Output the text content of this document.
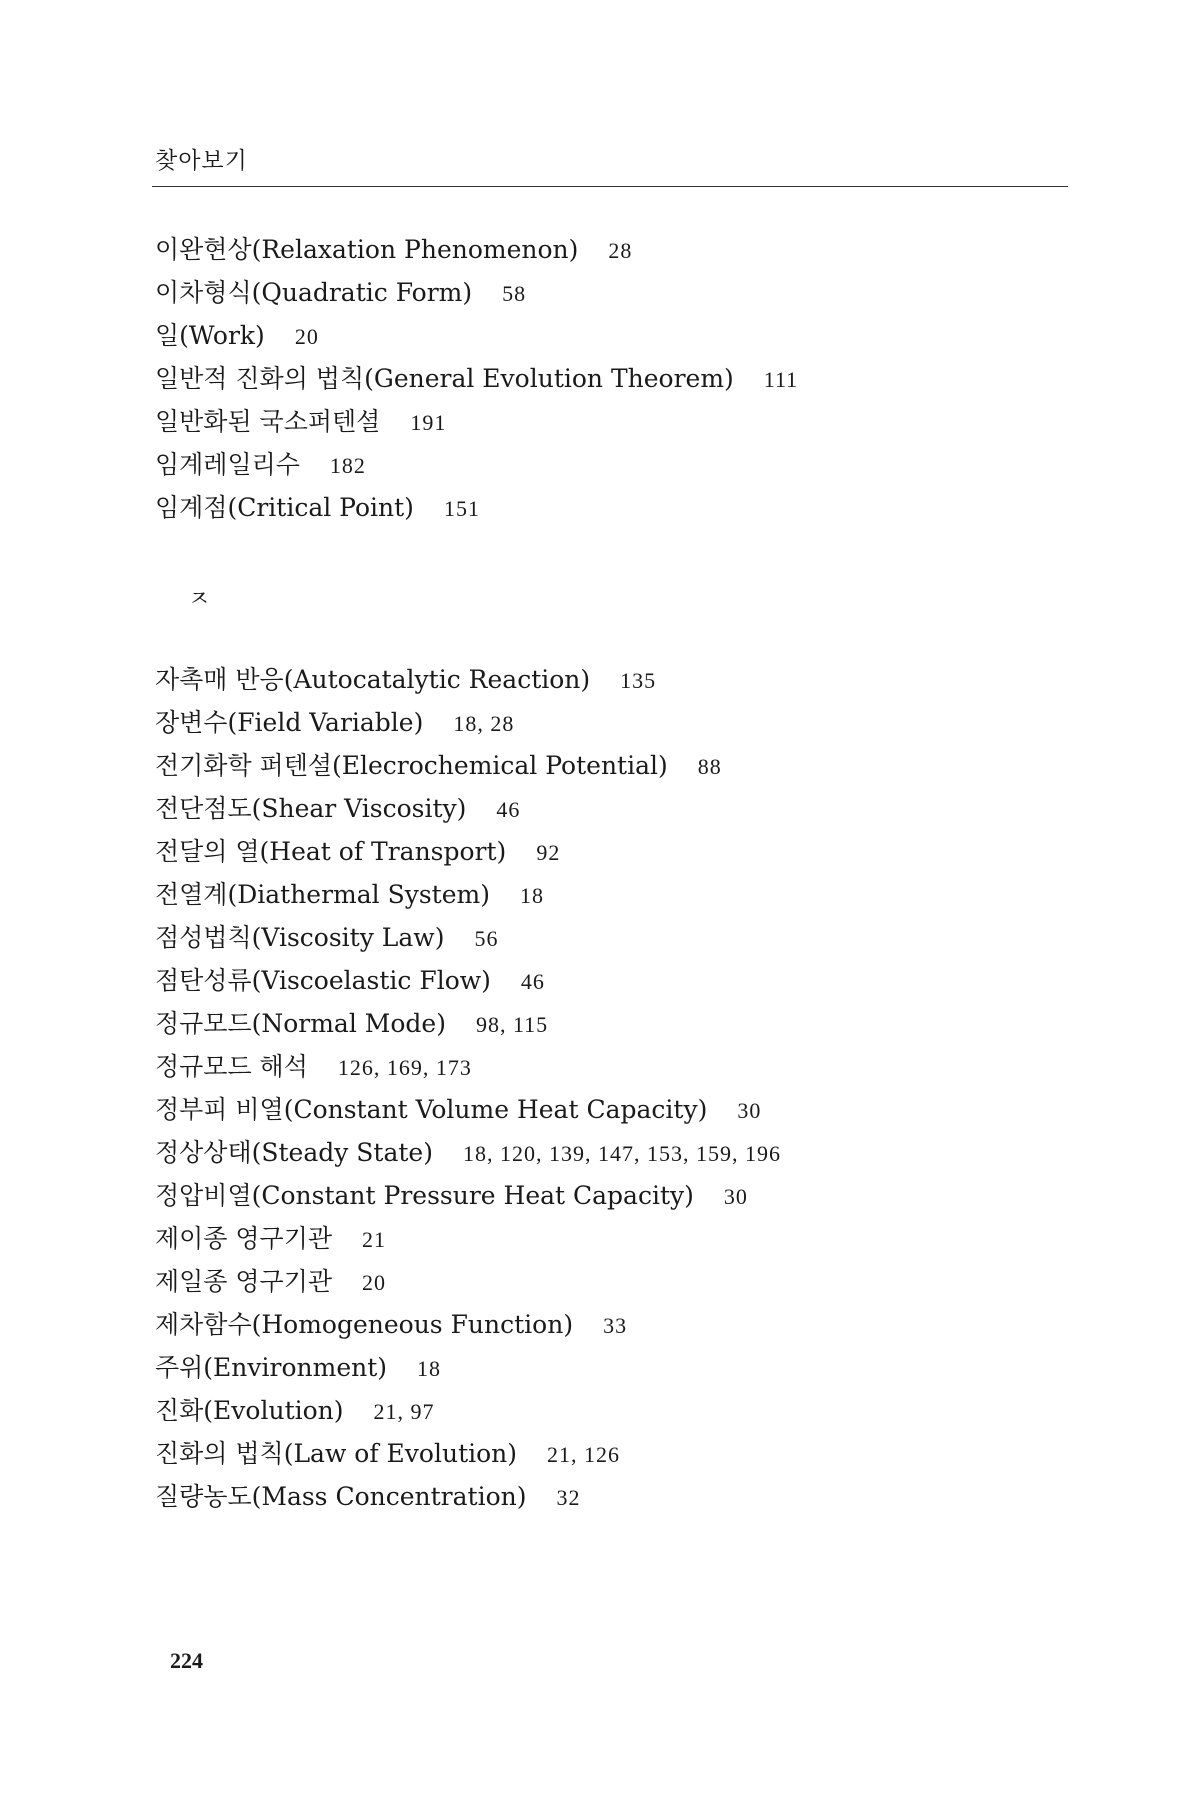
찾아보기
이완현상(Relaxation Phenomenon) 28
이차형식(Quadratic Form) 58
일(Work) 20
일반적 진화의 법칙(General Evolution Theorem) 111
일반화된 국소퍼텐셜 191
임계레일리수 182
임계점(Critical Point) 151
자촉매 반응(Autocatalytic Reaction) 135
장변수(Field Variable) 18, 28
전기화학 퍼텐셜(Elecrochemical Potential) 88
전단점도(Shear Viscosity) 46
전달의 열(Heat of Transport) 92
전열계(Diathermal System) 18
점성법칙(Viscosity Law) 56
점탄성류(Viscoelastic Flow) 46
정규모드(Normal Mode) 98, 115
정규모드 해석 126, 169, 173
정부피 비열(Constant Volume Heat Capacity) 30
정상상태(Steady State) 18, 120, 139, 147, 153, 159, 196
정압비열(Constant Pressure Heat Capacity) 30
제이종 영구기관 21
제일종 영구기관 20
제차함수(Homogeneous Function) 33
주위(Environment) 18
진화(Evolution) 21, 97
진화의 법칙(Law of Evolution) 21, 126
질량농도(Mass Concentration) 32
ㅈ
224
